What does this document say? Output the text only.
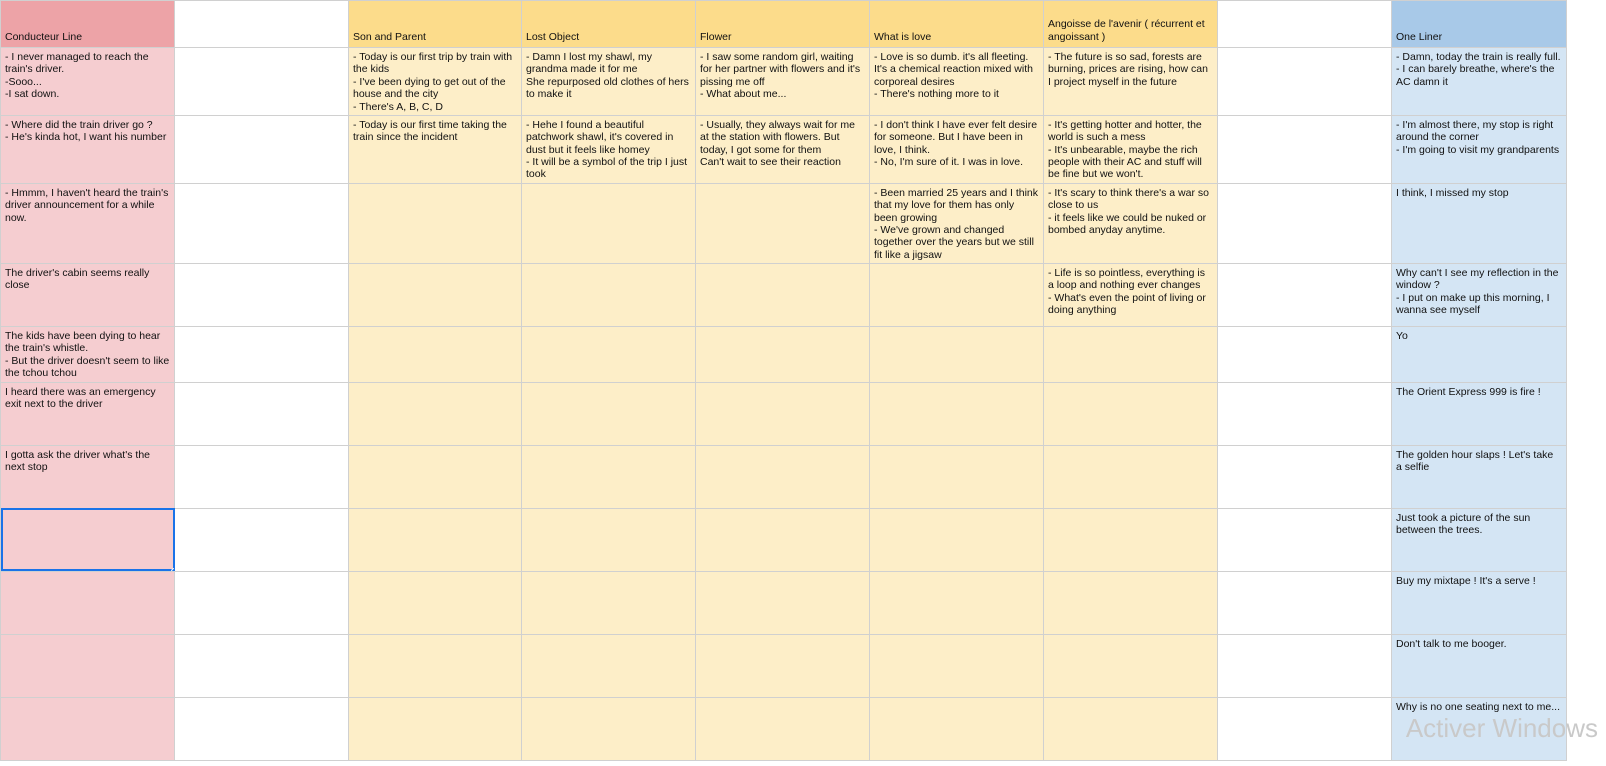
Conducteur Line		Son and Parent	Lost Object	Flower	What is love	Angoisse de l'avenir ( récurrent et angoissant )		One Liner

- I never managed to reach the train's driver.
-Sooo...
-I sat down.		- Today is our first trip by train with the kids
- I've been dying to get out of the house and the city
- There's A, B, C, D	- Damn I lost my shawl, my grandma made it for me
She repurposed old clothes of hers to make it	- I saw some random girl, waiting for her partner with flowers and it's pissing me off
- What about me...	- Love is so dumb. it's all fleeting. It's a chemical reaction mixed with corporeal desires
- There's nothing more to it	- The future is so sad, forests are burning, prices are rising, how can I project myself in the future		- Damn, today the train is really full.
- I can barely breathe, where's the AC damn it

- Where did the train driver go ?
- He's kinda hot, I want his number		- Today is our first time taking the train since the incident	- Hehe I found a beautiful patchwork shawl, it's covered in dust but it feels like homey
- It will be a symbol of the trip I just took	- Usually, they always wait for me at the station with flowers. But today, I got some for them
Can't wait to see their reaction	- I don't think I have ever felt desire for someone. But I have been in love, I think.
- No, I'm sure of it. I was in love.	- It's getting hotter and hotter, the world is such a mess
- It's unbearable, maybe the rich people with their AC and stuff will be fine but we won't.		- I'm almost there, my stop is right around the corner
- I'm going to visit my grandparents

- Hmmm, I haven't heard the train's driver announcement for a while now.					- Been married 25 years and I think that my love for them has only been growing
- We've grown and changed together over the years but we still fit like a jigsaw	- It's scary to think there's a war so close to us
- it feels like we could be nuked or bombed anyday anytime.		I think, I missed my stop

The driver's cabin seems really close						- Life is so pointless, everything is a loop and nothing ever changes
- What's even the point of living or doing anything		Why can't I see my reflection in the window ?
- I put on make up this morning, I wanna see myself

The kids have been dying to hear the train's whistle.
- But the driver doesn't seem to like the tchou tchou								Yo

I heard there was an emergency exit next to the driver								The Orient Express 999 is fire !

I gotta ask the driver what's the next stop								The golden hour slaps ! Let's take a selfie

								Just took a picture of the sun between the trees.

								Buy my mixtape ! It's a serve !

								Don't talk to me booger.

								Why is no one seating next to me...
Activer Windows
